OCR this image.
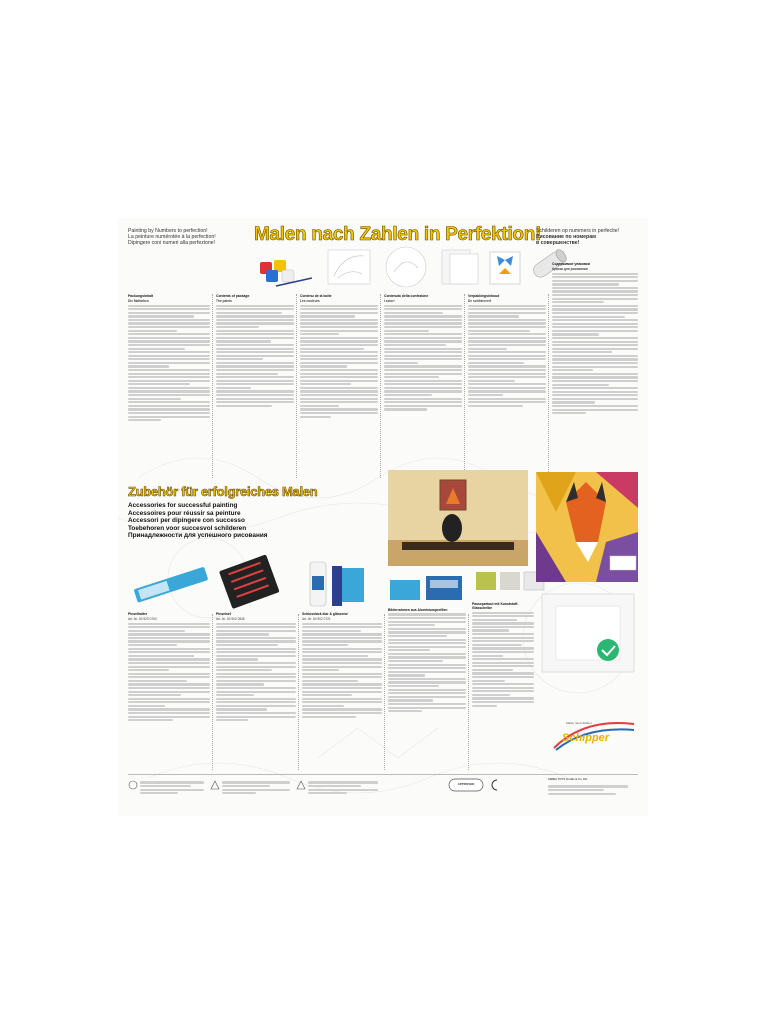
Painting by Numbers to perfection!
La peinture numérotée à la perfection!
Dipingere coni numeri alla perfezione!	Malen nach Zahlen in Perfektion!
Schilderen op nummers in perfectie!
Рисование по номерам
в совершенстве!
Packungsinhalt
Die Malfarben
Contents of package
The paints
Contenu de la boîte
Les couleurs
Contenuto della confezione
I colori
Verpakkingsinhoud
De schilderverf
Содержимое упаковки
Краски для рисования
Zubehör für erfolgreiches Malen
Accessories for successful painting
Accessoires pour réussir sa peinture
Accessori per dipingere con successo
Toebehoren voor succesvol schilderen
Принадлежности для успешного рисования
Pinselhalter
Art.-Nr. 60 529 0763
Pinselset
Art.-Nr. 60 502 0536
Schlusslack klar & glänzend
Art.-Nr. 60 502 0721
Bilderrahmen aus Aluminiumprofilen
Passepartout mit Kunststoff-Glasscheibe
Schipper
Malen nach Zahlen
APPROVED
SIMBA TOYS GmbH & Co. KG
